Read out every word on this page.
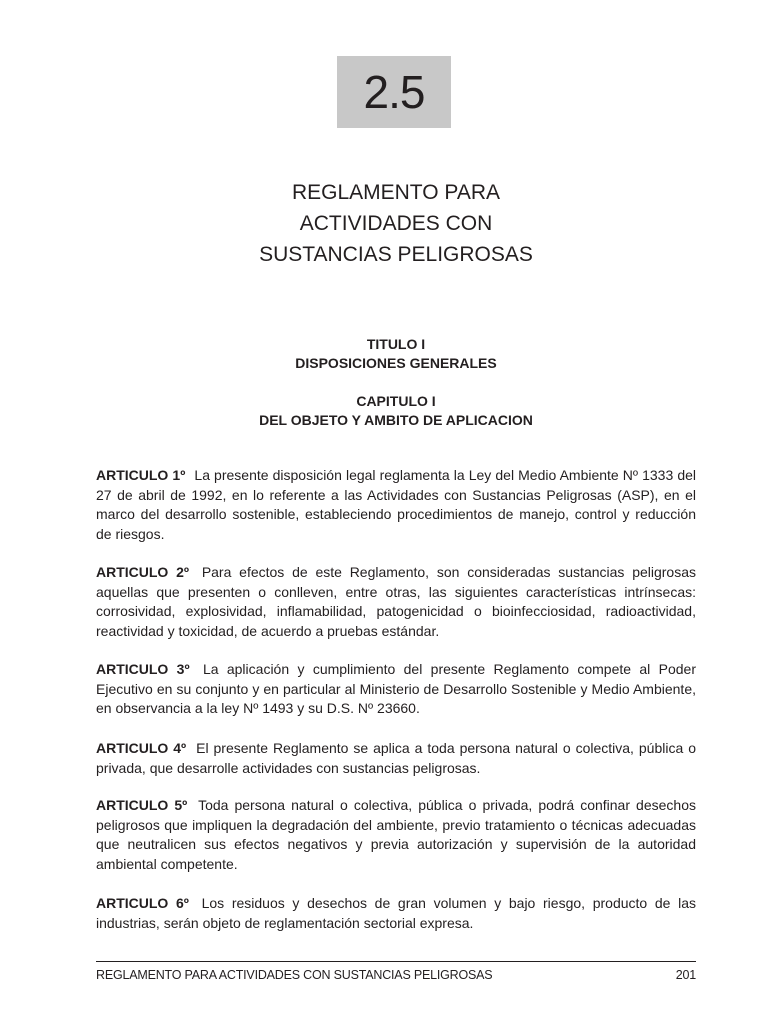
2.5
REGLAMENTO PARA
ACTIVIDADES CON
SUSTANCIAS PELIGROSAS
TITULO I
DISPOSICIONES GENERALES
CAPITULO I
DEL OBJETO Y AMBITO DE APLICACION

ARTICULO 1º La presente disposición legal reglamenta la Ley del Medio Ambiente Nº 1333 del 27 de abril de 1992, en lo referente a las Actividades con Sustancias Peligrosas (ASP), en el marco del desarrollo sostenible, estableciendo procedimientos de manejo, control y reducción de riesgos.

ARTICULO 2º Para efectos de este Reglamento, son consideradas sustancias peligrosas aquellas que presenten o conlleven, entre otras, las siguientes características intrínsecas: corrosividad, explosividad, inflamabilidad, patogenicidad o bioinfecciosidad, radioactividad, reactividad y toxicidad, de acuerdo a pruebas estándar.

ARTICULO 3º La aplicación y cumplimiento del presente Reglamento compete al Poder Ejecutivo en su conjunto y en particular al Ministerio de Desarrollo Sostenible y Medio Ambiente, en observancia a la ley Nº 1493 y su D.S. Nº 23660.

ARTICULO 4º El presente Reglamento se aplica a toda persona natural o colectiva, pública o privada, que desarrolle actividades con sustancias peligrosas.

ARTICULO 5º Toda persona natural o colectiva, pública o privada, podrá confinar desechos peligrosos que impliquen la degradación del ambiente, previo tratamiento o técnicas adecuadas que neutralicen sus efectos negativos y previa autorización y supervisión de la autoridad ambiental competente.

ARTICULO 6º Los residuos y desechos de gran volumen y bajo riesgo, producto de las industrias, serán objeto de reglamentación sectorial expresa.

REGLAMENTO PARA ACTIVIDADES CON SUSTANCIAS PELIGROSAS	201
